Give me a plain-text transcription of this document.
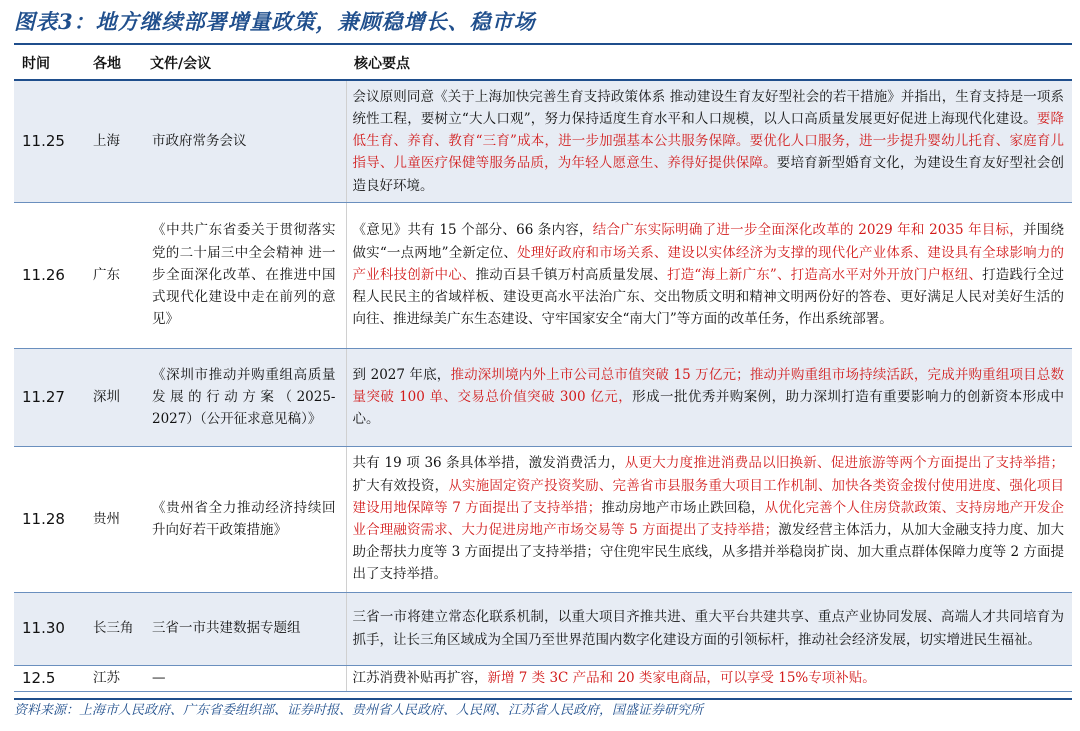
图表3：地方继续部署增量政策，兼顾稳增长、稳市场
时间	各地	文件/会议	核心要点
11.25	上海	市政府常务会议	会议原则同意《关于上海加快完善生育支持政策体系 推动建设生育友好型社会的若干措施》并指出，生育支持是一项系统性工程，要树立“大人口观”，努力保持适度生育水平和人口规模，以人口高质量发展更好促进上海现代化建设。要降低生育、养育、教育“三育”成本，进一步加强基本公共服务保障。要优化人口服务，进一步提升婴幼儿托育、家庭育儿指导、儿童医疗保健等服务品质，为年轻人愿意生、养得好提供保障。要培育新型婚育文化，为建设生育友好型社会创造良好环境。
11.26	广东	《中共广东省委关于贯彻落实党的二十届三中全会精神 进一步全面深化改革、在推进中国式现代化建设中走在前列的意见》	《意见》共有 15 个部分、66 条内容，结合广东实际明确了进一步全面深化改革的 2029 年和 2035 年目标，并围绕做实“一点两地”全新定位、处理好政府和市场关系、建设以实体经济为支撑的现代化产业体系、建设具有全球影响力的产业科技创新中心、推动百县千镇万村高质量发展、打造“海上新广东”、打造高水平对外开放门户枢纽、打造践行全过程人民民主的省域样板、建设更高水平法治广东、交出物质文明和精神文明两份好的答卷、更好满足人民对美好生活的向往、推进绿美广东生态建设、守牢国家安全“南大门”等方面的改革任务，作出系统部署。
11.27	深圳	《深圳市推动并购重组高质量发展的行动方案（2025-2027）（公开征求意见稿）》	到 2027 年底，推动深圳境内外上市公司总市值突破 15 万亿元；推动并购重组市场持续活跃，完成并购重组项目总数量突破 100 单、交易总价值突破 300 亿元，形成一批优秀并购案例，助力深圳打造有重要影响力的创新资本形成中心。
11.28	贵州	《贵州省全力推动经济持续回升向好若干政策措施》	共有 19 项 36 条具体举措，激发消费活力，从更大力度推进消费品以旧换新、促进旅游等两个方面提出了支持举措；扩大有效投资，从实施固定资产投资奖励、完善省市县服务重大项目工作机制、加快各类资金拨付使用进度、强化项目建设用地保障等 7 方面提出了支持举措；推动房地产市场止跌回稳，从优化完善个人住房贷款政策、支持房地产开发企业合理融资需求、大力促进房地产市场交易等 5 方面提出了支持举措；激发经营主体活力，从加大金融支持力度、加大助企帮扶力度等 3 方面提出了支持举措；守住兜牢民生底线，从多措并举稳岗扩岗、加大重点群体保障力度等 2 方面提出了支持举措。
11.30	长三角	三省一市共建数据专题组	三省一市将建立常态化联系机制，以重大项目齐推共进、重大平台共建共享、重点产业协同发展、高端人才共同培育为抓手，让长三角区域成为全国乃至世界范围内数字化建设方面的引领标杆，推动社会经济发展，切实增进民生福祉。
12.5	江苏	—	江苏消费补贴再扩容，新增 7 类 3C 产品和 20 类家电商品，可以享受 15%专项补贴。
资料来源：上海市人民政府、广东省委组织部、证券时报、贵州省人民政府、人民网、江苏省人民政府，国盛证券研究所
